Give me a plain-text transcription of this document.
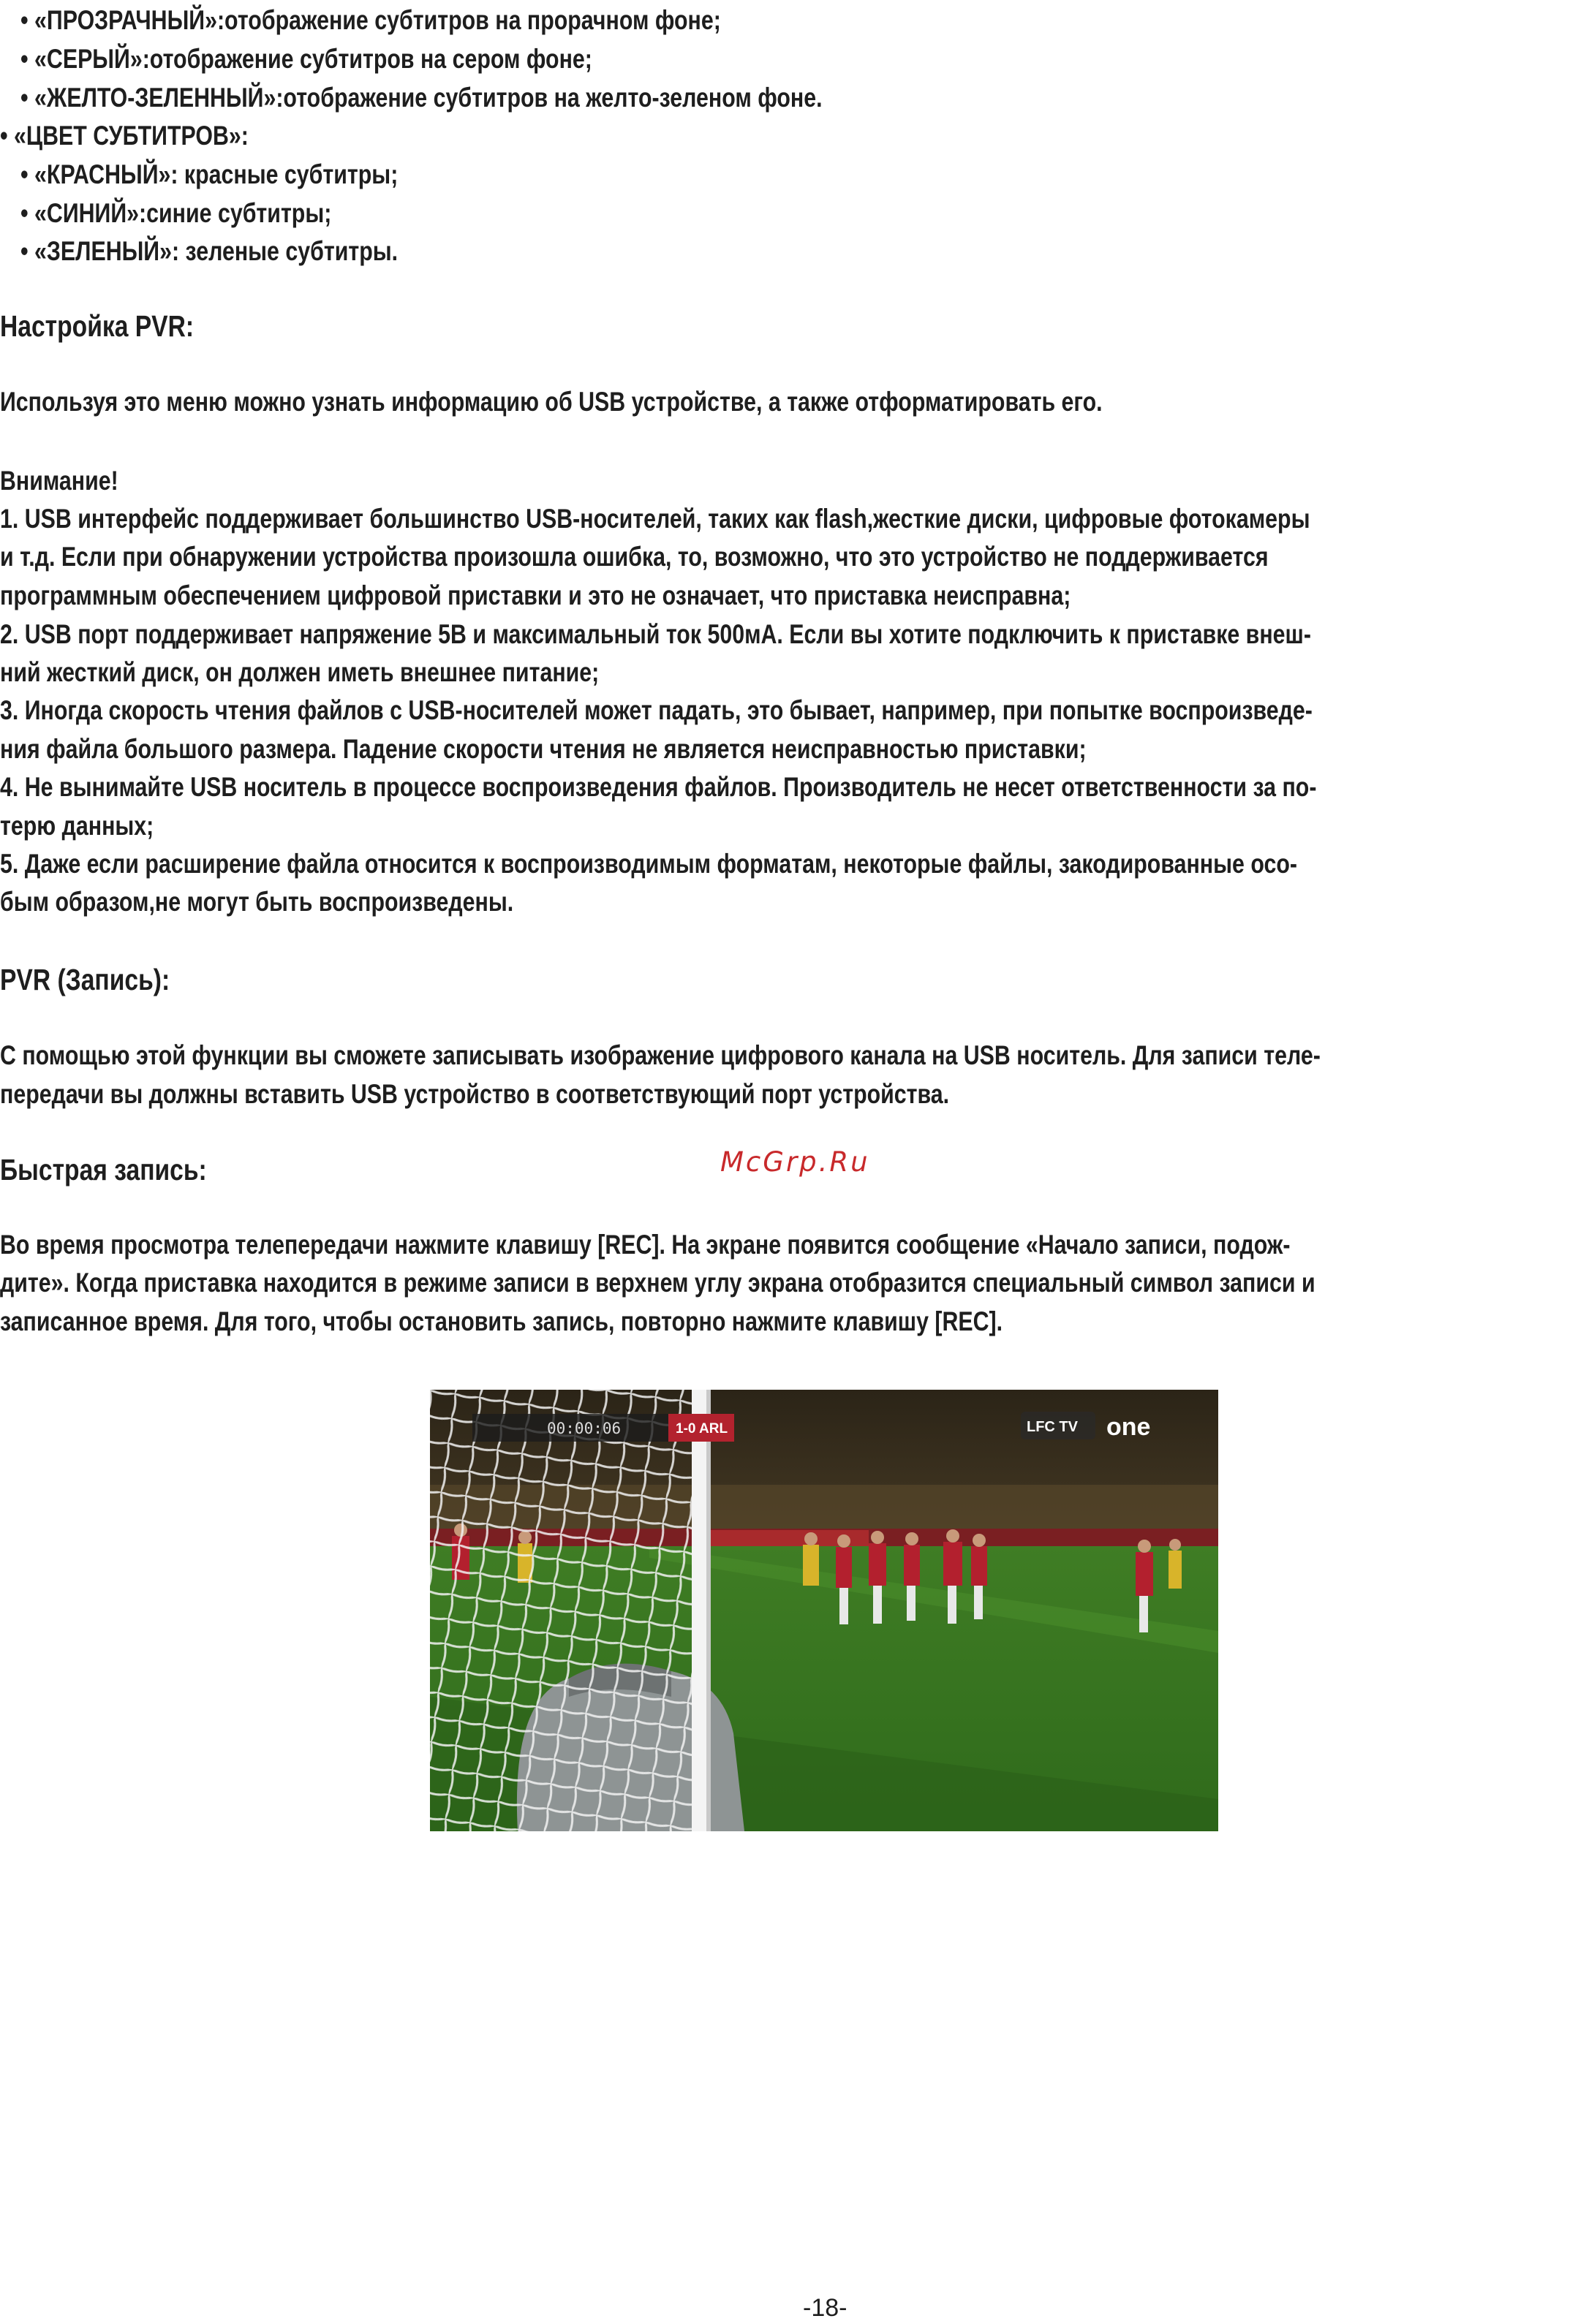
• «ПРОЗРАЧНЫЙ»:отображение субтитров на прорачном фоне;

• «СЕРЫЙ»:отображение субтитров на сером фоне;

• «ЖЕЛТО-ЗЕЛЕННЫЙ»:отображение субтитров на желто-зеленом фоне.

• «ЦВЕТ СУБТИТРОВ»:

• «КРАСНЫЙ»: красные субтитры;

• «СИНИЙ»:синие субтитры;

• «ЗЕЛЕНЫЙ»: зеленые субтитры.

Настройка PVR:

Используя это меню можно узнать информацию об USB устройстве, а также отформатировать его.

Внимание!

1. USB интерфейс поддерживает большинство USB-носителей, таких как flash,жесткие диски, цифровые фотокамеры

и т.д. Если при обнаружении устройства произошла ошибка, то, возможно, что это устройство не поддерживается

программным обеспечением цифровой приставки и это не означает, что приставка неисправна;

2. USB порт поддерживает напряжение 5В и максимальный ток 500мА. Если вы хотите подключить к приставке внеш-

ний жесткий диск, он должен иметь внешнее питание;

3. Иногда скорость чтения файлов с USB-носителей может падать, это бывает, например, при попытке воспроизведе-

ния файла большого размера. Падение скорости чтения не является неисправностью приставки;

4. Не вынимайте USB носитель в процессе воспроизведения файлов. Производитель не несет ответственности за по-

терю данных;

5. Даже если расширение файла относится к воспроизводимым форматам, некоторые файлы, закодированные осо-

бым образом,не могут быть воспроизведены.

PVR (Запись):

С помощью этой функции вы сможете записывать изображение цифрового канала на USB носитель. Для записи теле-

передачи вы должны вставить USB устройство в соответствующий порт устройства.

Быстрая запись:	McGrp.Ru

Во время просмотра телепередачи нажмите клавишу [REC]. На экране появится сообщение «Начало записи, подож-

дите». Когда приставка находится в режиме записи в верхнем углу экрана отобразится специальный символ записи и

записанное время. Для того, чтобы остановить запись, повторно нажмите клавишу [REC].

00:00:06	1-0 ARL	LFC TV one

-18-
